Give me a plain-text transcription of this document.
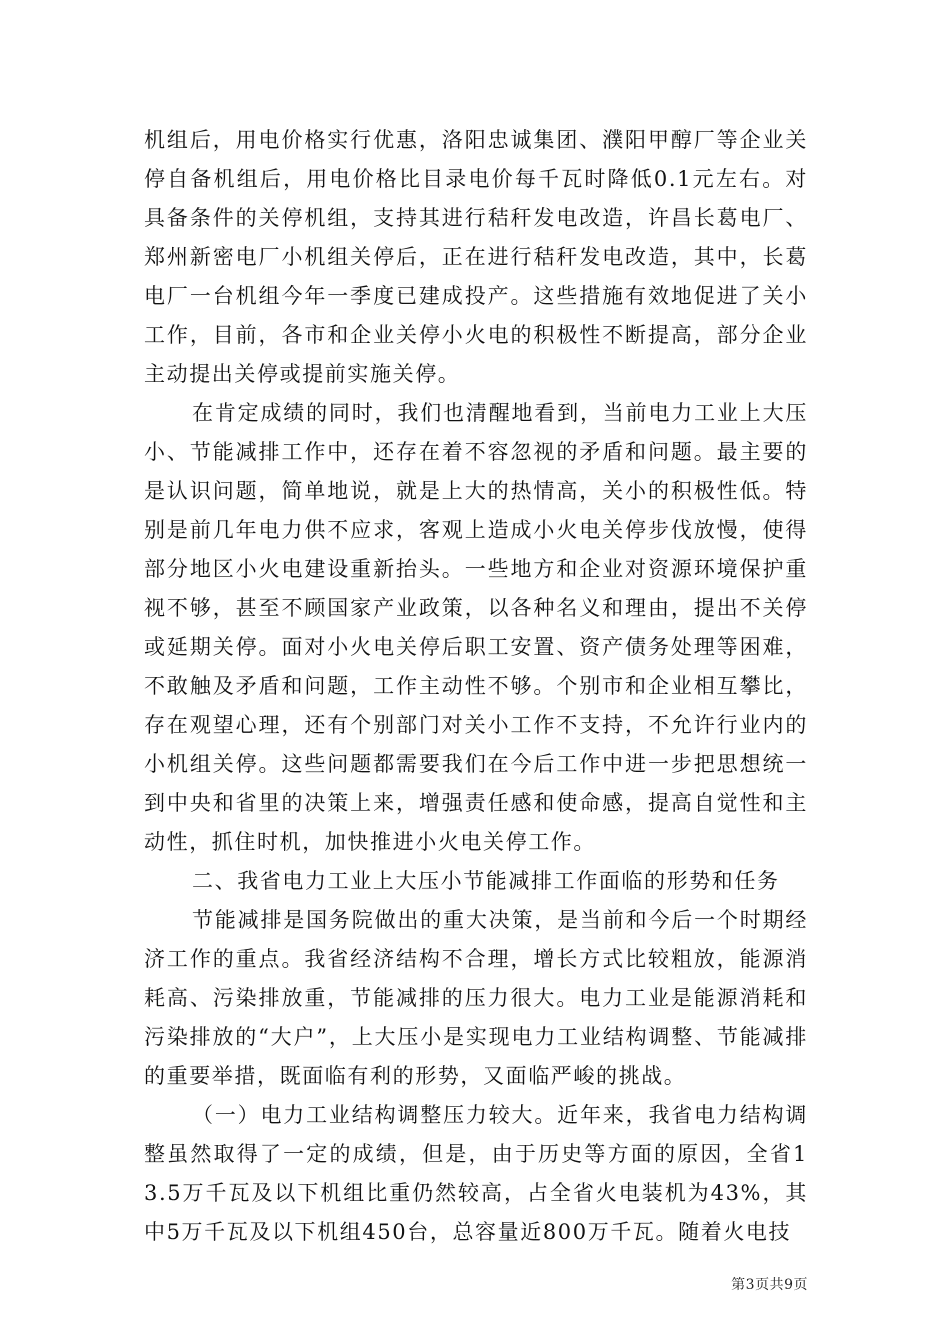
机组后，用电价格实行优惠，洛阳忠诚集团、濮阳甲醇厂等企业关停自备机组后，用电价格比目录电价每千瓦时降低0.1元左右。对具备条件的关停机组，支持其进行秸秆发电改造，许昌长葛电厂、郑州新密电厂小机组关停后，正在进行秸秆发电改造，其中，长葛电厂一台机组今年一季度已建成投产。这些措施有效地促进了关小工作，目前，各市和企业关停小火电的积极性不断提高，部分企业主动提出关停或提前实施关停。

在肯定成绩的同时，我们也清醒地看到，当前电力工业上大压小、节能减排工作中，还存在着不容忽视的矛盾和问题。最主要的是认识问题，简单地说，就是上大的热情高，关小的积极性低。特别是前几年电力供不应求，客观上造成小火电关停步伐放慢，使得部分地区小火电建设重新抬头。一些地方和企业对资源环境保护重视不够，甚至不顾国家产业政策，以各种名义和理由，提出不关停或延期关停。面对小火电关停后职工安置、资产债务处理等困难，不敢触及矛盾和问题，工作主动性不够。个别市和企业相互攀比，存在观望心理，还有个别部门对关小工作不支持，不允许行业内的小机组关停。这些问题都需要我们在今后工作中进一步把思想统一到中央和省里的决策上来，增强责任感和使命感，提高自觉性和主动性，抓住时机，加快推进小火电关停工作。

二、我省电力工业上大压小节能减排工作面临的形势和任务

节能减排是国务院做出的重大决策，是当前和今后一个时期经济工作的重点。我省经济结构不合理，增长方式比较粗放，能源消耗高、污染排放重，节能减排的压力很大。电力工业是能源消耗和污染排放的“大户”，上大压小是实现电力工业结构调整、节能减排的重要举措，既面临有利的形势，又面临严峻的挑战。

（一）电力工业结构调整压力较大。近年来，我省电力结构调整虽然取得了一定的成绩，但是，由于历史等方面的原因，全省13.5万千瓦及以下机组比重仍然较高，占全省火电装机为43%，其中5万千瓦及以下机组450台，总容量近800万千瓦。随着火电技

第3页共9页
